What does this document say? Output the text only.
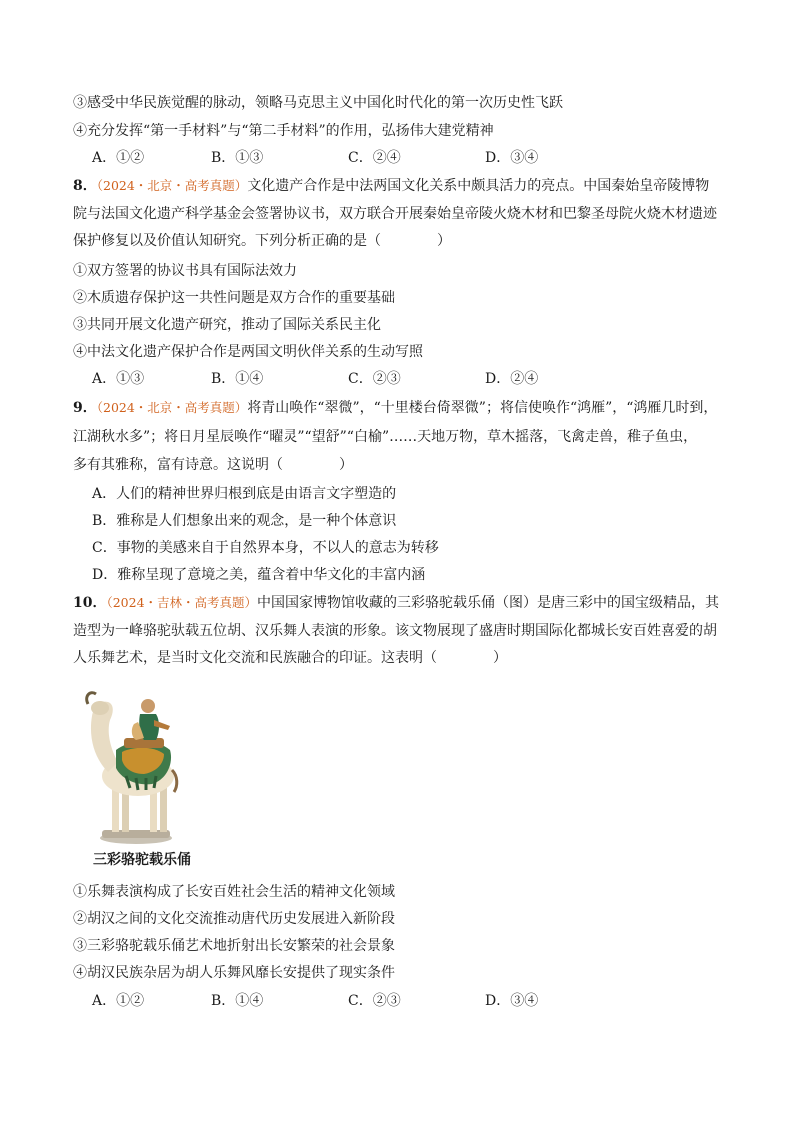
③感受中华民族觉醒的脉动，领略马克思主义中国化时代化的第一次历史性飞跃
④充分发挥“第一手材料”与“第二手材料”的作用，弘扬伟大建党精神
A．①②	B．①③	C．②④	D．③④
8．（2024・北京・高考真题）文化遗产合作是中法两国文化关系中颇具活力的亮点。中国秦始皇帝陵博物
院与法国文化遗产科学基金会签署协议书，双方联合开展秦始皇帝陵火烧木材和巴黎圣母院火烧木材遗迹
保护修复以及价值认知研究。下列分析正确的是（　　　　）
①双方签署的协议书具有国际法效力
②木质遗存保护这一共性问题是双方合作的重要基础
③共同开展文化遗产研究，推动了国际关系民主化
④中法文化遗产保护合作是两国文明伙伴关系的生动写照
A．①③	B．①④	C．②③	D．②④
9．（2024・北京・高考真题）将青山唤作“翠微”，“十里楼台倚翠微”；将信使唤作“鸿雁”，“鸿雁几时到，
江湖秋水多”；将日月星辰唤作“曜灵”“望舒”“白榆”……天地万物，草木摇落，飞禽走兽，稚子鱼虫，
多有其雅称，富有诗意。这说明（　　　　）
A．人们的精神世界归根到底是由语言文字塑造的
B．雅称是人们想象出来的观念，是一种个体意识
C．事物的美感来自于自然界本身，不以人的意志为转移
D．雅称呈现了意境之美，蕴含着中华文化的丰富内涵
10．（2024・吉林・高考真题）中国国家博物馆收藏的三彩骆驼载乐俑（图）是唐三彩中的国宝级精品，其
造型为一峰骆驼驮载五位胡、汉乐舞人表演的形象。该文物展现了盛唐时期国际化都城长安百姓喜爱的胡
人乐舞艺术，是当时文化交流和民族融合的印证。这表明（　　　　）
三彩骆驼载乐俑
①乐舞表演构成了长安百姓社会生活的精神文化领域
②胡汉之间的文化交流推动唐代历史发展进入新阶段
③三彩骆驼载乐俑艺术地折射出长安繁荣的社会景象
④胡汉民族杂居为胡人乐舞风靡长安提供了现实条件
A．①②	B．①④	C．②③	D．③④
